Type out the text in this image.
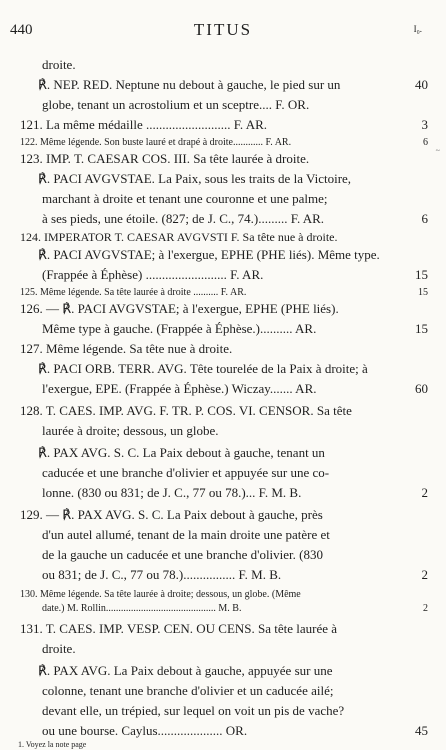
440	TITUS	I₀.
droite.
℟. NEP. RED. Neptune nu debout à gauche, le pied sur un	40
globe, tenant un acrostolium et un sceptre.... F. OR.
121. La même médaille .......................... F. AR.	3
122. Même légende. Son buste lauré et drapé à droite............ F. AR.	6
~
123. IMP. T. CAESAR COS. III. Sa tête laurée à droite.
℟. PACI AVGVSTAE. La Paix, sous les traits de la Victoire,
marchant à droite et tenant une couronne et une palme;
à ses pieds, une étoile. (827; de J. C., 74.)......... F. AR.	6
124. IMPERATOR T. CAESAR AVGVSTI F. Sa tête nue à droite.
℟. PACI AVGVSTAE; à l'exergue, EPHE (PHE liés). Même type.
(Frappée à Éphèse) ......................... F. AR.	15
125. Même légende. Sa tête laurée à droite .......... F. AR.	15
126. — ℟. PACI AVGVSTAE; à l'exergue, EPHE (PHE liés).
Même type à gauche. (Frappée à Éphèse.).......... AR.	15
127. Même légende. Sa tête nue à droite.
℟. PACI ORB. TERR. AVG. Tête tourelée de la Paix à droite; à
l'exergue, EPE. (Frappée à Éphèse.) Wiczay....... AR.	60
128. T. CAES. IMP. AVG. F. TR. P. COS. VI. CENSOR. Sa tête
laurée à droite; dessous, un globe.
℟. PAX AVG. S. C. La Paix debout à gauche, tenant un
caducée et une branche d'olivier et appuyée sur une co-
lonne. (830 ou 831; de J. C., 77 ou 78.)... F. M. B.	2
129. — ℟. PAX AVG. S. C. La Paix debout à gauche, près
d'un autel allumé, tenant de la main droite une patère et
de la gauche un caducée et une branche d'olivier. (830
ou 831; de J. C., 77 ou 78.)................ F. M. B.	2
130. Même légende. Sa tête laurée à droite; dessous, un globe. (Même
date.) M. Rollin............................................ M. B.	2
131. T. CAES. IMP. VESP. CEN. OU CENS. Sa tête laurée à
droite.
℟. PAX AVG. La Paix debout à gauche, appuyée sur une
colonne, tenant une branche d'olivier et un caducée ailé;
devant elle, un trépied, sur lequel on voit un pis de vache?
ou une bourse. Caylus.................... OR.	45
1. Voyez la note page
